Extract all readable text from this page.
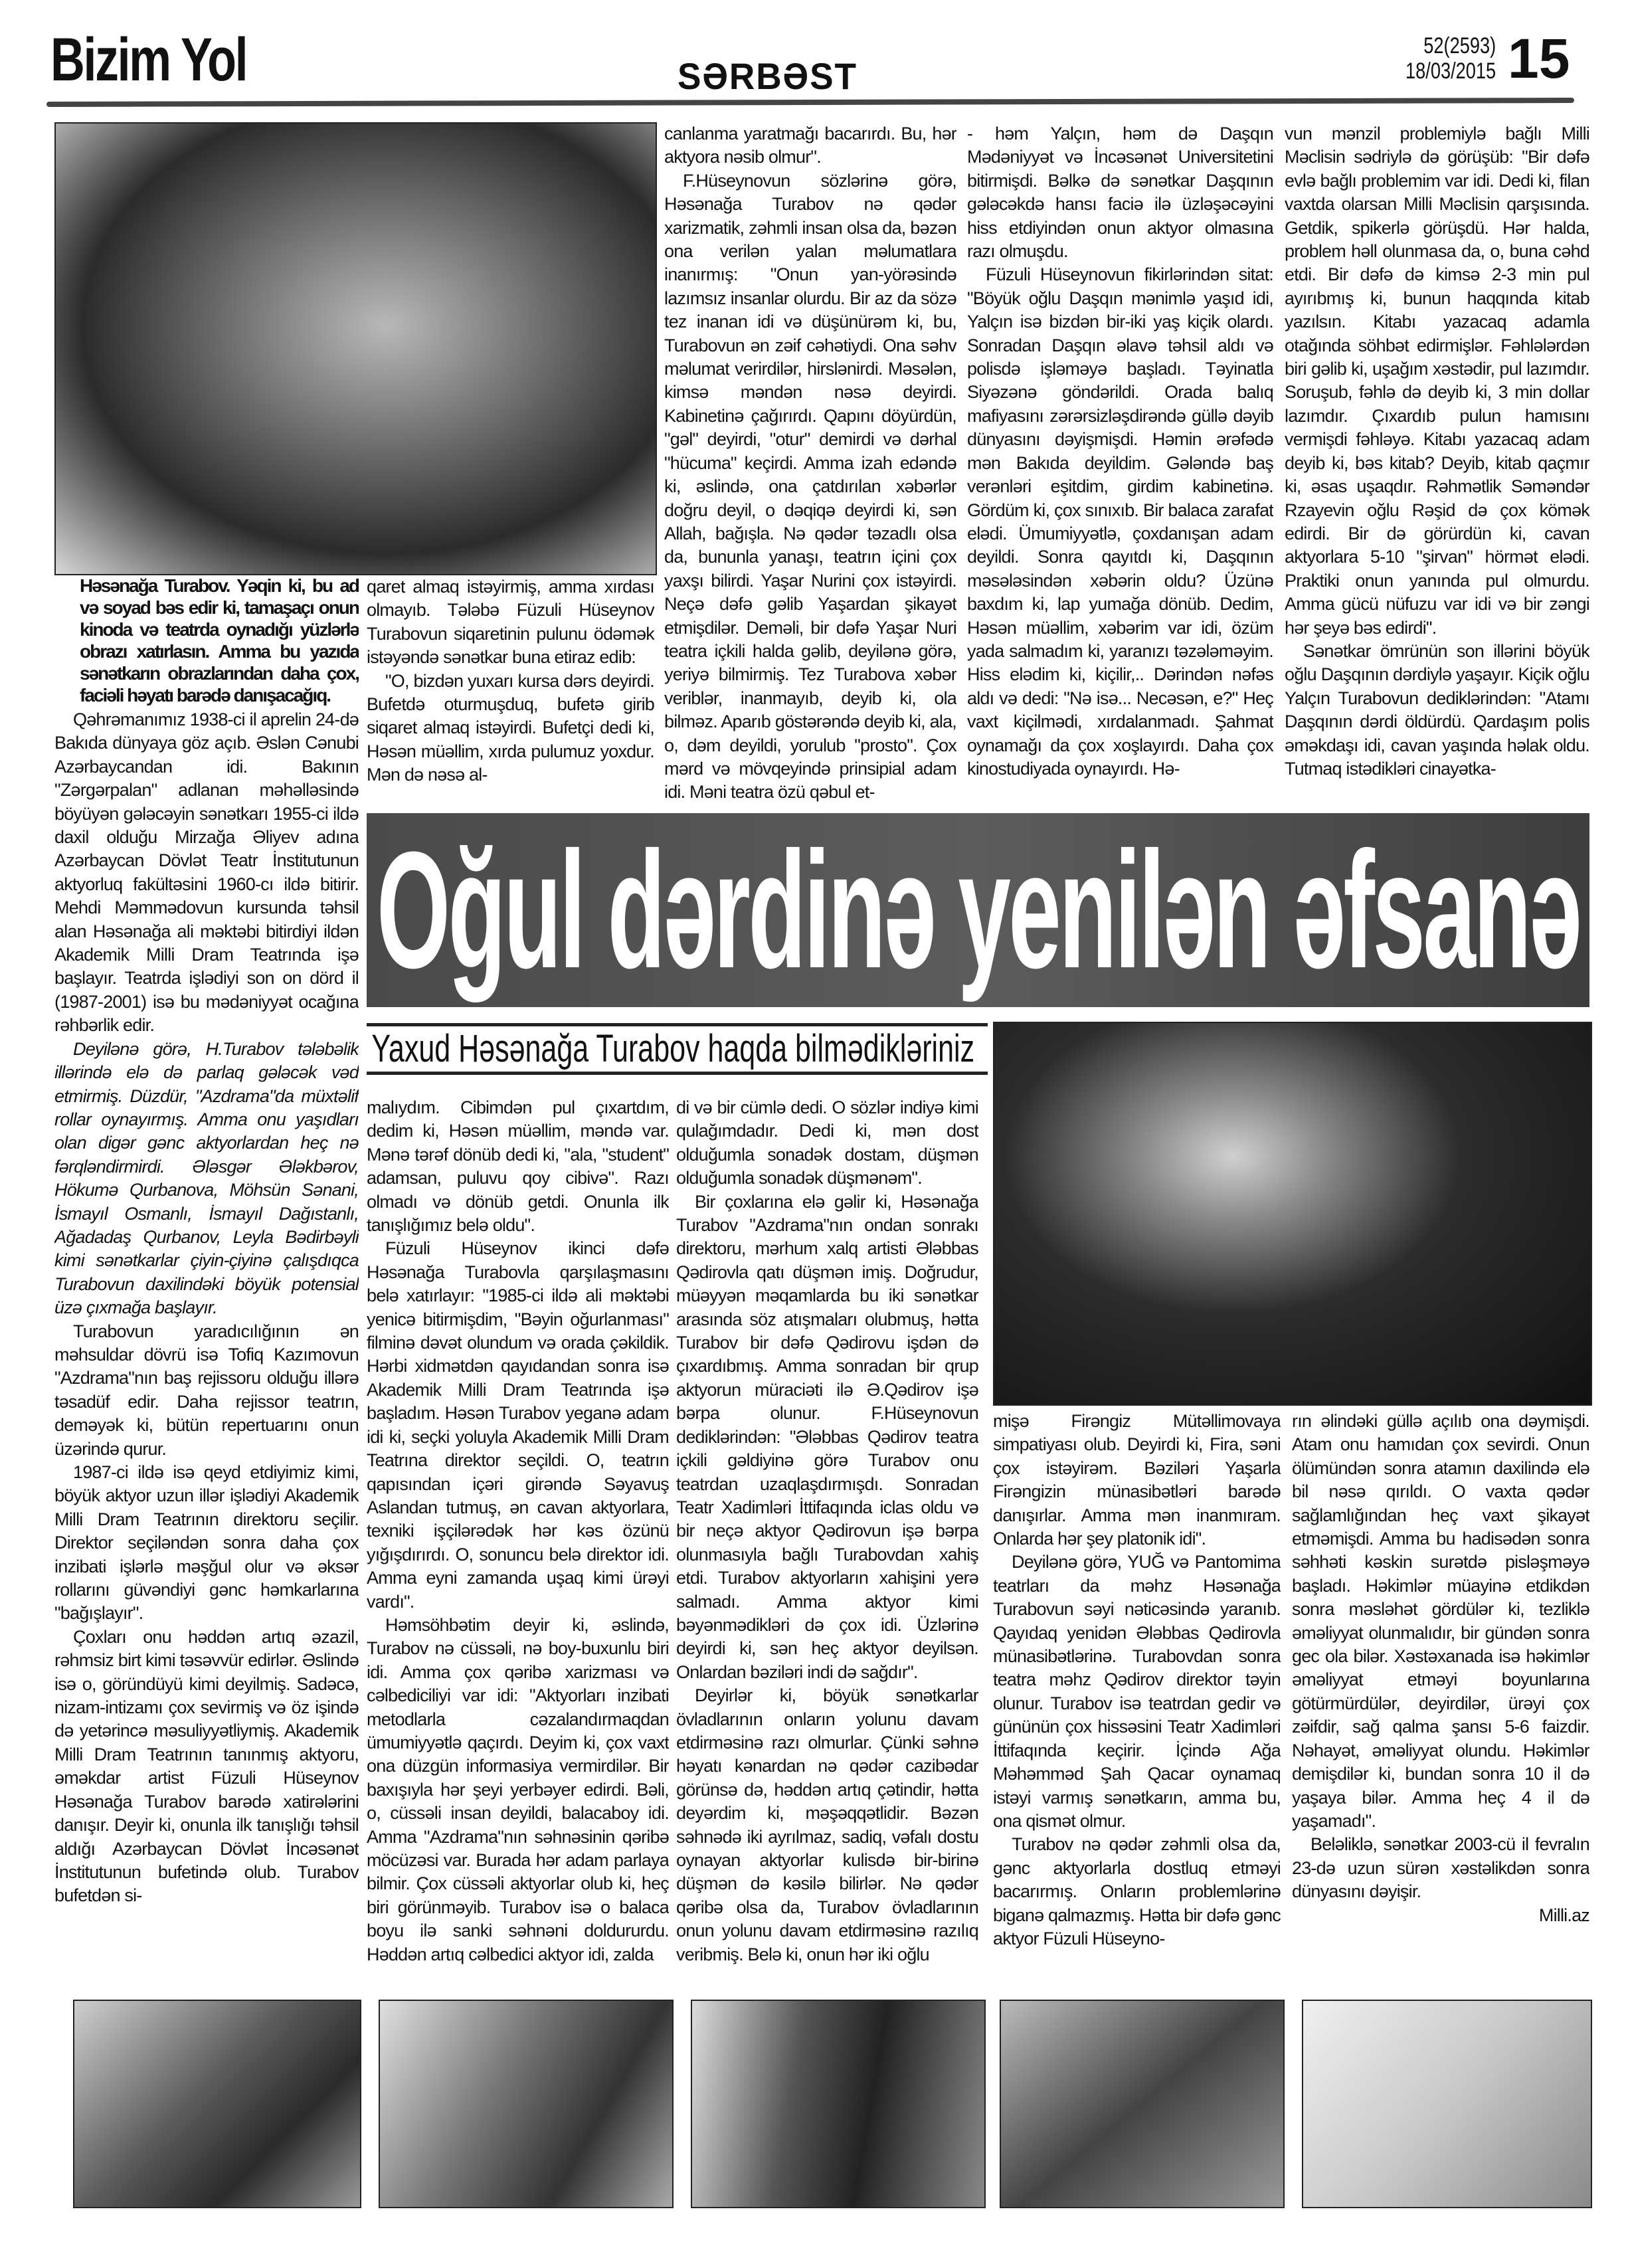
Bizim Yol	SƏRBƏST
52(2593)
18/03/2015 15
Həsənağa Turabov. Yəqin ki, bu ad və soyad bəs edir ki, tamaşaçı onun kinoda və teatrda oynadığı yüzlərlə obrazı xatırlasın. Amma bu yazıda sənətkarın obrazlarından daha çox, faciəli həyatı barədə danışacağıq.

Qəhrəmanımız 1938-ci il aprelin 24-də Bakıda dünyaya göz açıb. Əslən Cənubi Azərbaycandan idi. Bakının "Zərgərpalan" adlanan məhəlləsində böyüyən gələcəyin sənətkarı 1955-ci ildə daxil olduğu Mirzağa Əliyev adına Azərbaycan Dövlət Teatr İnstitutunun aktyorluq fakültəsini 1960-cı ildə bitirir. Mehdi Məmmədovun kursunda təhsil alan Həsənağa ali məktəbi bitirdiyi ildən Akademik Milli Dram Teatrında işə başlayır. Teatrda işlədiyi son on dörd il (1987-2001) isə bu mədəniyyət ocağına rəhbərlik edir.

Deyilənə görə, H.Turabov tələbəlik illərində elə də parlaq gələcək vəd etmirmiş. Düzdür, "Azdrama"da müxtəlif rollar oynayırmış. Amma onu yaşıdları olan digər gənc aktyorlardan heç nə fərqləndirmirdi. Ələsgər Ələkbərov, Hökumə Qurbanova, Möhsün Sənani, İsmayıl Osmanlı, İsmayıl Dağıstanlı, Ağadadaş Qurbanov, Leyla Bədirbəyli kimi sənətkarlar çiyin-çiyinə çalışdıqca Turabovun daxilindəki böyük potensial üzə çıxmağa başlayır.

Turabovun yaradıcılığının ən məhsuldar dövrü isə Tofiq Kazımovun "Azdrama"nın baş rejissoru olduğu illərə təsadüf edir. Daha rejissor teatrın, deməyək ki, bütün repertuarını onun üzərində qurur.

1987-ci ildə isə qeyd etdiyimiz kimi, böyük aktyor uzun illər işlədiyi Akademik Milli Dram Teatrının direktoru seçilir. Direktor seçiləndən sonra daha çox inzibati işlərlə məşğul olur və əksər rollarını güvəndiyi gənc həmkarlarına "bağışlayır".

Çoxları onu həddən artıq əzazil, rəhmsiz birt kimi təsəvvür edirlər. Əslində isə o, göründüyü kimi deyilmiş. Sadəcə, nizam-intizamı çox sevirmiş və öz işində də yetərincə məsuliyyətliymiş. Akademik Milli Dram Teatrının tanınmış aktyoru, əməkdar artist Füzuli Hüseynov Həsənağa Turabov barədə xatirələrini danışır. Deyir ki, onunla ilk tanışlığı təhsil aldığı Azərbaycan Dövlət İncəsənət İnstitutunun bufetində olub. Turabov bufetdən si-

qaret almaq istəyirmiş, amma xırdası olmayıb. Tələbə Füzuli Hüseynov Turabovun siqaretinin pulunu ödəmək istəyəndə sənətkar buna etiraz edib:

"O, bizdən yuxarı kursa dərs deyirdi. Bufetdə oturmuşduq, bufetə girib siqaret almaq istəyirdi. Bufetçi dedi ki, Həsən müəllim, xırda pulumuz yoxdur. Mən də nəsə al-

canlanma yaratmağı bacarırdı. Bu, hər aktyora nəsib olmur".

F.Hüseynovun sözlərinə görə, Həsənağa Turabov nə qədər xarizmatik, zəhmli insan olsa da, bəzən ona verilən yalan məlumatlara inanırmış: "Onun yan-yörəsində lazımsız insanlar olurdu. Bir az da sözə tez inanan idi və düşünürəm ki, bu, Turabovun ən zəif cəhətiydi. Ona səhv məlumat verirdilər, hirslənirdi. Məsələn, kimsə məndən nəsə deyirdi. Kabinetinə çağırırdı. Qapını döyürdün, "gəl" deyirdi, "otur" demirdi və dərhal "hücuma" keçirdi. Amma izah edəndə ki, əslində, ona çatdırılan xəbərlər doğru deyil, o dəqiqə deyirdi ki, sən Allah, bağışla. Nə qədər təzadlı olsa da, bununla yanaşı, teatrın içini çox yaxşı bilirdi. Yaşar Nurini çox istəyirdi. Neçə dəfə gəlib Yaşardan şikayət etmişdilər. Deməli, bir dəfə Yaşar Nuri teatra içkili halda gəlib, deyilənə görə, yeriyə bilmirmiş. Tez Turabova xəbər veriblər, inanmayıb, deyib ki, ola bilməz. Aparıb göstərəndə deyib ki, ala, o, dəm deyildi, yorulub "prosto". Çox mərd və mövqeyində prinsipial adam idi. Məni teatra özü qəbul et-

- həm Yalçın, həm də Daşqın Mədəniyyət və İncəsənət Universitetini bitirmişdi. Bəlkə də sənətkar Daşqının gələcəkdə hansı faciə ilə üzləşəcəyini hiss etdiyindən onun aktyor olmasına razı olmuşdu.

Füzuli Hüseynovun fikirlərindən sitat: "Böyük oğlu Daşqın mənimlə yaşıd idi, Yalçın isə bizdən bir-iki yaş kiçik olardı. Sonradan Daşqın əlavə təhsil aldı və polisdə işləməyə başladı. Təyinatla Siyəzənə göndərildi. Orada balıq mafiyasını zərərsizləşdirəndə güllə dəyib dünyasını dəyişmişdi. Həmin ərəfədə mən Bakıda deyildim. Gələndə baş verənləri eşitdim, girdim kabinetinə. Gördüm ki, çox sınıxıb. Bir balaca zarafat elədi. Ümumiyyətlə, çoxdanışan adam deyildi. Sonra qayıtdı ki, Daşqının məsələsindən xəbərin oldu? Üzünə baxdım ki, lap yumağa dönüb. Dedim, Həsən müəllim, xəbərim var idi, özüm yada salmadım ki, yaranızı təzələməyim. Hiss elədim ki, kiçilir,.. Dərindən nəfəs aldı və dedi: "Nə isə... Necəsən, e?" Heç vaxt kiçilmədi, xırdalanmadı. Şahmat oynamağı da çox xoşlayırdı. Daha çox kinostudiyada oynayırdı. Hə-

vun mənzil problemiylə bağlı Milli Məclisin sədriylə də görüşüb: "Bir dəfə evlə bağlı problemim var idi. Dedi ki, filan vaxtda olarsan Milli Məclisin qarşısında. Getdik, spikerlə görüşdü. Hər halda, problem həll olunmasa da, o, buna cəhd etdi. Bir dəfə də kimsə 2-3 min pul ayırıbmış ki, bunun haqqında kitab yazılsın. Kitabı yazacaq adamla otağında söhbət edirmişlər. Fəhlələrdən biri gəlib ki, uşağım xəstədir, pul lazımdır. Soruşub, fəhlə də deyib ki, 3 min dollar lazımdır. Çıxardıb pulun hamısını vermişdi fəhləyə. Kitabı yazacaq adam deyib ki, bəs kitab? Deyib, kitab qaçmır ki, əsas uşaqdır. Rəhmətlik Səməndər Rzayevin oğlu Rəşid də çox kömək edirdi. Bir də görürdün ki, cavan aktyorlara 5-10 "şirvan" hörmət elədi. Praktiki onun yanında pul olmurdu. Amma gücü nüfuzu var idi və bir zəngi hər şeyə bəs edirdi".

Sənətkar ömrünün son illərini böyük oğlu Daşqının dərdiylə yaşayır. Kiçik oğlu Yalçın Turabovun dediklərindən: "Atamı Daşqının dərdi öldürdü. Qardaşım polis əməkdaşı idi, cavan yaşında həlak oldu. Tutmaq istədikləri cinayətka-

Oğul dərdinə yenilən əfsanə
Yaxud Həsənağa Turabov haqda bilmədikləriniz

malıydım. Cibimdən pul çıxartdım, dedim ki, Həsən müəllim, məndə var. Mənə tərəf dönüb dedi ki, "ala, "student" adamsan, puluvu qoy cibivə". Razı olmadı və dönüb getdi. Onunla ilk tanışlığımız belə oldu".

Füzuli Hüseynov ikinci dəfə Həsənağa Turabovla qarşılaşmasını belə xatırlayır: "1985-ci ildə ali məktəbi yenicə bitirmişdim, "Bəyin oğurlanması" filminə dəvət olundum və orada çəkildik. Hərbi xidmətdən qayıdandan sonra isə Akademik Milli Dram Teatrında işə başladım. Həsən Turabov yeganə adam idi ki, seçki yoluyla Akademik Milli Dram Teatrına direktor seçildi. O, teatrın qapısından içəri girəndə Səyavuş Aslandan tutmuş, ən cavan aktyorlara, texniki işçilərədək hər kəs özünü yığışdırırdı. O, sonuncu belə direktor idi. Amma eyni zamanda uşaq kimi ürəyi vardı".

Həmsöhbətim deyir ki, əslində, Turabov nə cüssəli, nə boy-buxunlu biri idi. Amma çox qəribə xarizması və cəlbediciliyi var idi: "Aktyorları inzibati metodlarla cəzalandırmaqdan ümumiyyətlə qaçırdı. Deyim ki, çox vaxt ona düzgün informasiya vermirdilər. Bir baxışıyla hər şeyi yerbəyer edirdi. Bəli, o, cüssəli insan deyildi, balacaboy idi. Amma "Azdrama"nın səhnəsinin qəribə möcüzəsi var. Burada hər adam parlaya bilmir. Çox cüssəli aktyorlar olub ki, heç biri görünməyib. Turabov isə o balaca boyu ilə sanki səhnəni doldururdu. Həddən artıq cəlbedici aktyor idi, zalda

di və bir cümlə dedi. O sözlər indiyə kimi qulağımdadır. Dedi ki, mən dost olduğumla sonadək dostam, düşmən olduğumla sonadək düşmənəm".

Bir çoxlarına elə gəlir ki, Həsənağa Turabov "Azdrama"nın ondan sonrakı direktoru, mərhum xalq artisti Ələbbas Qədirovla qatı düşmən imiş. Doğrudur, müəyyən məqamlarda bu iki sənətkar arasında söz atışmaları olubmuş, hətta Turabov bir dəfə Qədirovu işdən də çıxardıbmış. Amma sonradan bir qrup aktyorun müraciəti ilə Ə.Qədirov işə bərpa olunur. F.Hüseynovun dediklərindən: "Ələbbas Qədirov teatra içkili gəldiyinə görə Turabov onu teatrdan uzaqlaşdırmışdı. Sonradan Teatr Xadimləri İttifaqında iclas oldu və bir neçə aktyor Qədirovun işə bərpa olunmasıyla bağlı Turabovdan xahiş etdi. Turabov aktyorların xahişini yerə salmadı. Amma aktyor kimi bəyənmədikləri də çox idi. Üzlərinə deyirdi ki, sən heç aktyor deyilsən. Onlardan bəziləri indi də sağdır".

Deyirlər ki, böyük sənətkarlar övladlarının onların yolunu davam etdirməsinə razı olmurlar. Çünki səhnə həyatı kənardan nə qədər cazibədar görünsə də, həddən artıq çətindir, hətta deyərdim ki, məşəqqətlidir. Bəzən səhnədə iki ayrılmaz, sadiq, vəfalı dostu oynayan aktyorlar kulisdə bir-birinə düşmən də kəsilə bilirlər. Nə qədər qəribə olsa da, Turabov övladlarının onun yolunu davam etdirməsinə razılıq veribmiş. Belə ki, onun hər iki oğlu

mişə Firəngiz Mütəllimovaya simpatiyası olub. Deyirdi ki, Fira, səni çox istəyirəm. Bəziləri Yaşarla Firəngizin münasibətləri barədə danışırlar. Amma mən inanmıram. Onlarda hər şey platonik idi".

Deyilənə görə, YUĞ və Pantomima teatrları da məhz Həsənağa Turabovun səyi nəticəsində yaranıb. Qayıdaq yenidən Ələbbas Qədirovla münasibətlərinə. Turabovdan sonra teatra məhz Qədirov direktor təyin olunur. Turabov isə teatrdan gedir və gününün çox hissəsini Teatr Xadimləri İttifaqında keçirir. İçində Ağa Məhəmməd Şah Qacar oynamaq istəyi varmış sənətkarın, amma bu, ona qismət olmur.

Turabov nə qədər zəhmli olsa da, gənc aktyorlarla dostluq etməyi bacarırmış. Onların problemlərinə biganə qalmazmış. Hətta bir dəfə gənc aktyor Füzuli Hüseyno-

rın əlindəki güllə açılıb ona dəymişdi. Atam onu hamıdan çox sevirdi. Onun ölümündən sonra atamın daxilində elə bil nəsə qırıldı. O vaxta qədər sağlamlığından heç vaxt şikayət etməmişdi. Amma bu hadisədən sonra səhhəti kəskin surətdə pisləşməyə başladı. Həkimlər müayinə etdikdən sonra məsləhət gördülər ki, tezliklə əməliyyat olunmalıdır, bir gündən sonra gec ola bilər. Xəstəxanada isə həkimlər əməliyyat etməyi boyunlarına götürmürdülər, deyirdilər, ürəyi çox zəifdir, sağ qalma şansı 5-6 faizdir. Nəhayət, əməliyyat olundu. Həkimlər demişdilər ki, bundan sonra 10 il də yaşaya bilər. Amma heç 4 il də yaşamadı".

Beləliklə, sənətkar 2003-cü il fevralın 23-də uzun sürən xəstəlikdən sonra dünyasını dəyişir.

Milli.az
